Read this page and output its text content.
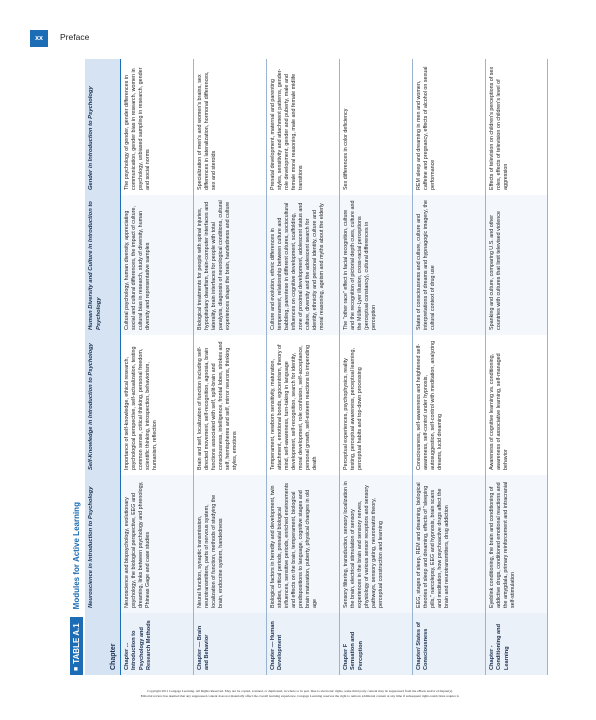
xx	Preface
■
TABLE A.1
Modules for Active Learning
Chapter
Neuroscience in Introduction to Psychology
Self-Knowledge in Introduction to Psychology
Human Diversity and Culture in Introduction to Psychology
Gender in Introduction to Psychology
Chapter ... Introduction to Psychology and Research Methods
Neuroscience and biopsychology, evolutionary psychology, the biological perspective, EEG and dreaming, links between psychology and phrenology, Phineas Gage and case studies
Importance of self-knowledge, ethical research, psychological perspective, self-actualization, testing common sense, critical thinking, personal freedom, scientific thinking, introspection, behaviorism, humanism, reflection
Cultural psychology, human diversity, appreciating social and cultural differences, the impact of culture, cultural bias in research, study of diversity, human diversity and representative samples
The psychology of gender, gender differences in communication, gender bias in research, women in psychology, unbiased sampling in research, gender and social norms
Chapter — Brain and Behavior
Neural function, synaptic transmission, neurotransmitters, parts of nervous system, localization of function, methods of studying the brain, endocrine system, handedness
Brain and self, localization of function including self-directed movement, self-recognition, agnosia, brain functions associated with self, split-brain and consciousness, intelligence, frontal lobes, strokes and self, hemispheres and self, mirror neurons, thinking styles, emotions
Biological treatments for people with spinal injuries, hypopituitary dwarfism, brain-computer interfaces and laterality, brain interfaces for people with total paralysis, diagnosis of neurological conditions, cultural experiences shape the brain, handedness and culture
Specialization of men's and women's brains, sex differences in lateralization, hormonal differences, sex and steroids
Chapter — Human Development
Biological factors in heredity and development, twin studies, critical periods, prenatal biological influences, sensitive periods, enriched environments and effects on the brain, temperament, biological predispositions to language, cognitive stages and brain maturation, puberty, physical changes in old age
Temperament, newborn sensitivity, maturation, attachment, emotional bonds, egocentrism, theory of mind, self-awareness, turn-taking in language development, self-recognition, search for identity, moral development, role confusion, self-acceptance, personal growth, self-esteem reactions to impending death
Culture and evolution, ethnic differences in temperament, relationship between culture and babbling, parentese in different cultures, sociocultural influences on cognitive development, scaffolding, zone of proximal development, adolescent status and culture, diversity and the adolescent search for identity, ethnicity and personal identity, culture and moral reasoning, ageism and myths about the elderly
Prenatal development, maternal and parenting styles, sensitivity and attachment patterns, gender-role development, gender and puberty, male and female moral reasoning, male and female midlife transitions
Chapter F Sensation and Perception
Sensory filtering, transduction, sensory localization in the brain, electrical stimulation of sensory experiences in the brain and sensory nerves, physiology of various sensor receptors and sensory pathways, sensory gating, neuromatrix theory, perceptual construction and learning
Perceptual experiences, psychophysics, reality testing, perceptual awareness, perceptual learning, perceptual habits and top-down processing
The "other race" effect in facial recognition, culture and the recognition of pictorial depth cues, culture and the Müller-Lyer illusion, cross-racial perceptions (perceptual constancy), cultural differences in perception
Sex differences in color deficiency
Chapter/ States of Consciousness
EEG, stages of sleep, REM and dreaming, biological theories of sleep and dreaming, effects of "sleeping pills," narcolepsy, EEG and hypnosis, brain scans and meditation, how psychoactive drugs affect the brain and neurotransmitters, drug addiction
Consciousness, self-awareness and heightened self-awareness, self-control under hypnosis, autosuggestion, self-control with meditation, analyzing dreams, lucid dreaming
States of consciousness and culture, culture and interpretations of dreams and hypnagogic imagery, the cultural context of drug use
REM sleep and dreaming in men and women, caffeine and pregnancy, effects of alcohol on sexual performance
Chapter - Conditioning and Learning
Eyeblink conditioning, the brain and conditioning of addictive drugs, conditioned emotional reactions and the amygdala, primary reinforcement and intracranial self-stimulation
Awareness of cognitive learning vs. conditioning, awareness of associative learning, self-managed behavior
Spanking and culture, comparing U.S. and other countries with cultures that limit televised violence
Effects of television on children's perceptions of sex roles, effects of television on children's level of aggression
Copyright 2011 Cengage Learning. All Rights Reserved. May not be copied, scanned, or duplicated, in whole or in part. Due to electronic rights, some third party content may be suppressed from the eBook and/or eChapter(s).
Editorial review has deemed that any suppressed content does not materially affect the overall learning experience. Cengage Learning reserves the right to remove additional content at any time if subsequent rights restrictions require it.
